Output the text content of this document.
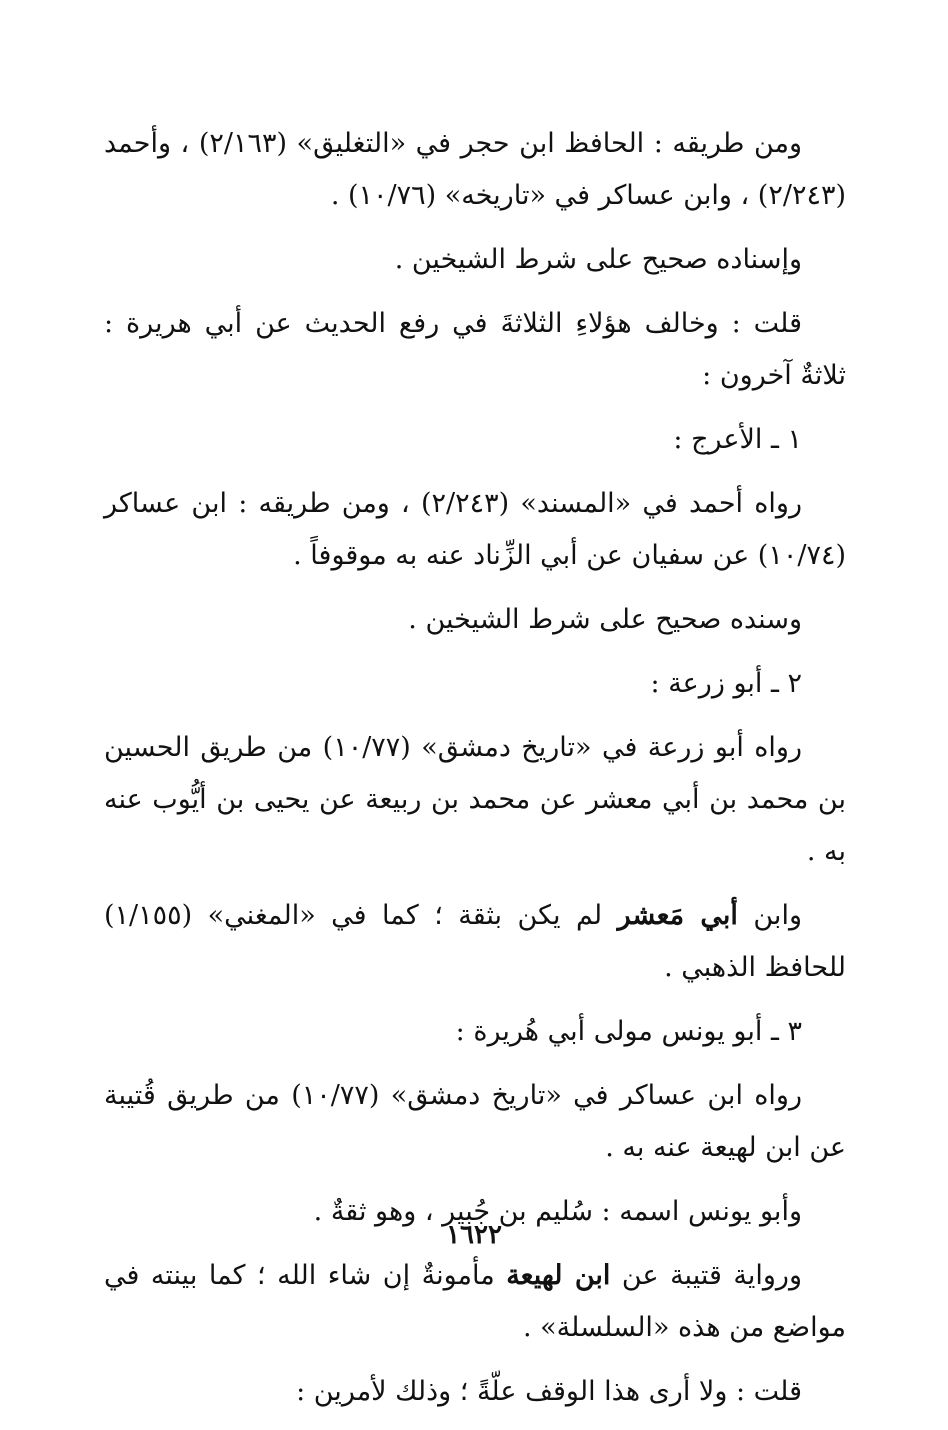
ومن طريقه : الحافظ ابن حجر في «التغليق» (٢/١٦٣) ، وأحمد (٢/٢٤٣) ، وابن عساكر في «تاريخه» (١٠/٧٦) .

وإسناده صحيح على شرط الشيخين .

قلت : وخالف هؤلاءِ الثلاثةَ في رفع الحديث عن أبي هريرة : ثلاثةٌ آخرون :

١ ـ الأعرج :

رواه أحمد في «المسند» (٢/٢٤٣) ، ومن طريقه : ابن عساكر (١٠/٧٤) عن سفيان عن أبي الزِّناد عنه به موقوفاً .

وسنده صحيح على شرط الشيخين .

٢ ـ أبو زرعة :

رواه أبو زرعة في «تاريخ دمشق» (١٠/٧٧) من طريق الحسين بن محمد بن أبي معشر عن محمد بن ربيعة عن يحيى بن أيُّوب عنه به .

وابن أبي مَعشر لم يكن بثقة ؛ كما في «المغني» (١/١٥٥) للحافظ الذهبي .

٣ ـ أبو يونس مولى أبي هُريرة :

رواه ابن عساكر في «تاريخ دمشق» (١٠/٧٧) من طريق قُتيبة عن ابن لهيعة عنه به .

وأبو يونس اسمه : سُليم بن جُبير ، وهو ثقةٌ .

ورواية قتيبة عن ابن لهيعة مأمونةٌ إن شاء الله ؛ كما بينته في مواضع من هذه «السلسلة» .

قلت : ولا أرى هذا الوقف علّةً ؛ وذلك لأمرين :

١٦٢٢
